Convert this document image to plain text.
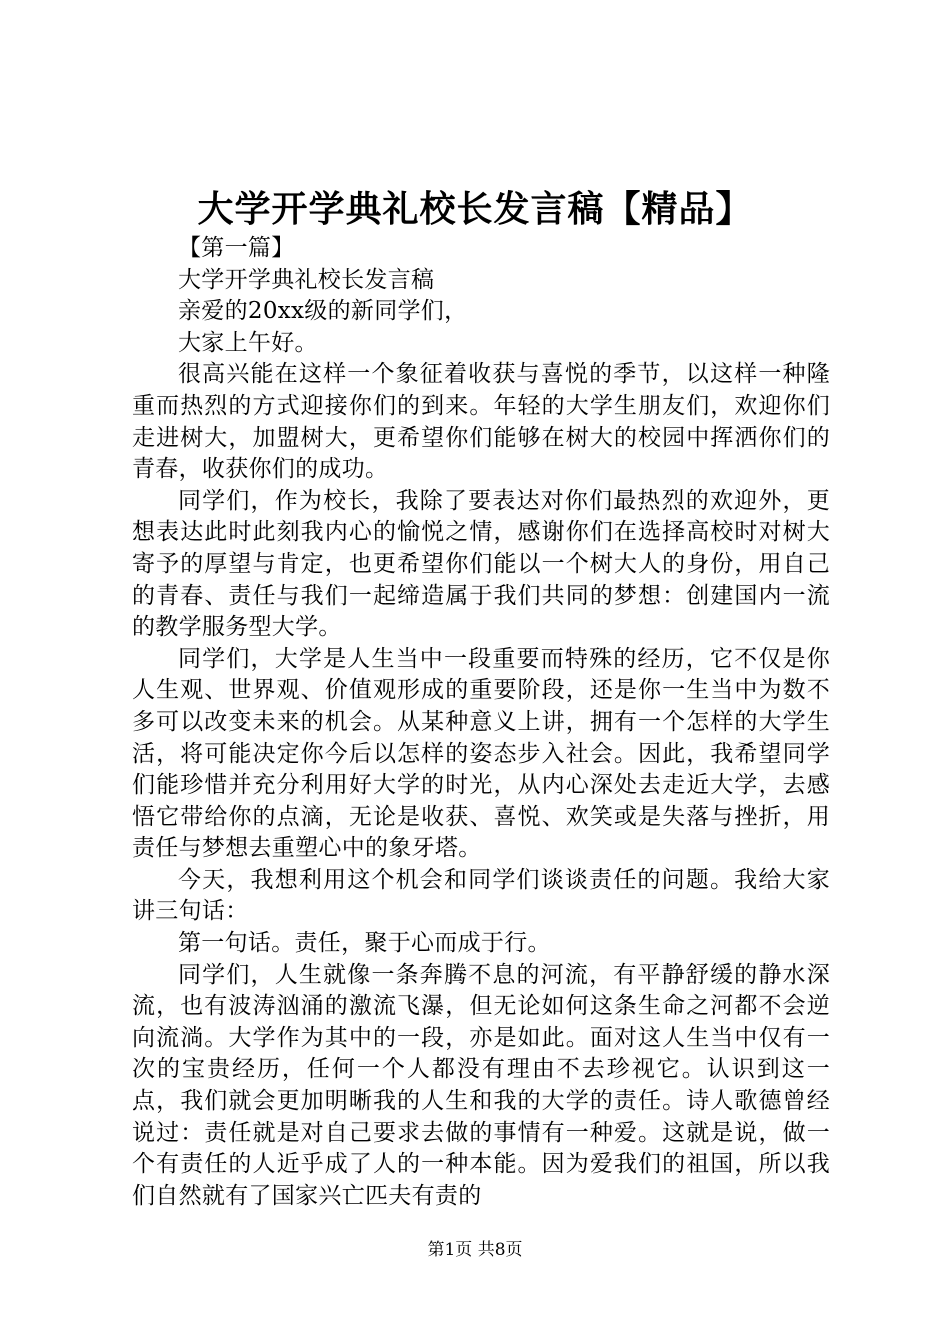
大学开学典礼校长发言稿【精品】

【第一篇】

大学开学典礼校长发言稿

亲爱的20xx级的新同学们，

大家上午好。

很高兴能在这样一个象征着收获与喜悦的季节，以这样一种隆重而热烈的方式迎接你们的到来。年轻的大学生朋友们，欢迎你们走进树大，加盟树大，更希望你们能够在树大的校园中挥洒你们的青春，收获你们的成功。

同学们，作为校长，我除了要表达对你们最热烈的欢迎外，更想表达此时此刻我内心的愉悦之情，感谢你们在选择高校时对树大寄予的厚望与肯定，也更希望你们能以一个树大人的身份，用自己的青春、责任与我们一起缔造属于我们共同的梦想：创建国内一流的教学服务型大学。

同学们，大学是人生当中一段重要而特殊的经历，它不仅是你人生观、世界观、价值观形成的重要阶段，还是你一生当中为数不多可以改变未来的机会。从某种意义上讲，拥有一个怎样的大学生活，将可能决定你今后以怎样的姿态步入社会。因此，我希望同学们能珍惜并充分利用好大学的时光，从内心深处去走近大学，去感悟它带给你的点滴，无论是收获、喜悦、欢笑或是失落与挫折，用责任与梦想去重塑心中的象牙塔。

今天，我想利用这个机会和同学们谈谈责任的问题。我给大家讲三句话：

第一句话。责任，聚于心而成于行。

同学们，人生就像一条奔腾不息的河流，有平静舒缓的静水深流，也有波涛汹涌的激流飞瀑，但无论如何这条生命之河都不会逆向流淌。大学作为其中的一段，亦是如此。面对这人生当中仅有一次的宝贵经历，任何一个人都没有理由不去珍视它。认识到这一点，我们就会更加明晰我的人生和我的大学的责任。诗人歌德曾经说过：责任就是对自己要求去做的事情有一种爱。这就是说，做一个有责任的人近乎成了人的一种本能。因为爱我们的祖国，所以我们自然就有了国家兴亡匹夫有责的

第1页 共8页
